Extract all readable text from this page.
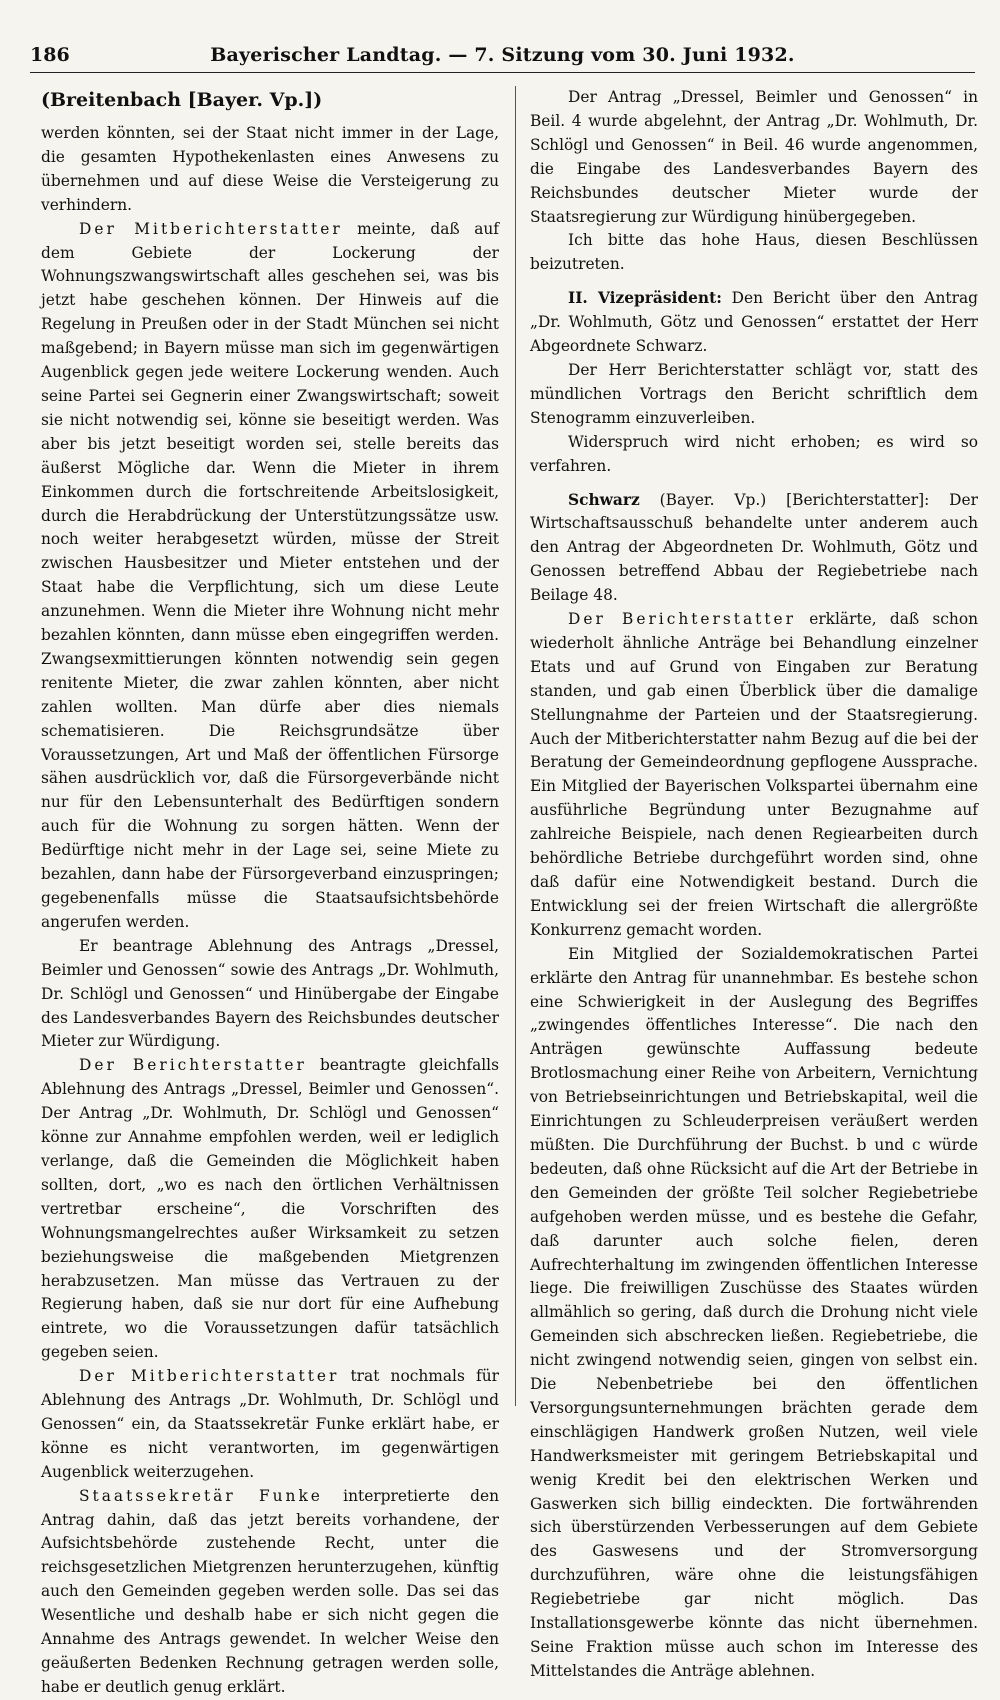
186	Bayerischer Landtag. — 7. Sitzung vom 30. Juni 1932.

(Breitenbach [Bayer. Vp.])

werden könnten, sei der Staat nicht immer in der Lage, die gesamten Hypothekenlasten eines Anwesens zu übernehmen und auf diese Weise die Versteigerung zu verhindern.

Der Mitberichterstatter meinte, daß auf dem Gebiete der Lockerung der Wohnungszwangswirtschaft alles geschehen sei, was bis jetzt habe geschehen können. Der Hinweis auf die Regelung in Preußen oder in der Stadt München sei nicht maßgebend; in Bayern müsse man sich im gegenwärtigen Augenblick gegen jede weitere Lockerung wenden. Auch seine Partei sei Gegnerin einer Zwangswirtschaft; soweit sie nicht notwendig sei, könne sie beseitigt werden. Was aber bis jetzt beseitigt worden sei, stelle bereits das äußerst Mögliche dar. Wenn die Mieter in ihrem Einkommen durch die fortschreitende Arbeitslosigkeit, durch die Herabdrückung der Unterstützungssätze usw. noch weiter herabgesetzt würden, müsse der Streit zwischen Hausbesitzer und Mieter entstehen und der Staat habe die Verpflichtung, sich um diese Leute anzunehmen. Wenn die Mieter ihre Wohnung nicht mehr bezahlen könnten, dann müsse eben eingegriffen werden. Zwangsexmittierungen könnten notwendig sein gegen renitente Mieter, die zwar zahlen könnten, aber nicht zahlen wollten. Man dürfe aber dies niemals schematisieren. Die Reichsgrundsätze über Voraussetzungen, Art und Maß der öffentlichen Fürsorge sähen ausdrücklich vor, daß die Fürsorgeverbände nicht nur für den Lebensunterhalt des Bedürftigen sondern auch für die Wohnung zu sorgen hätten. Wenn der Bedürftige nicht mehr in der Lage sei, seine Miete zu bezahlen, dann habe der Fürsorgeverband einzuspringen; gegebenenfalls müsse die Staatsaufsichtsbehörde angerufen werden.

Er beantrage Ablehnung des Antrags „Dressel, Beimler und Genossen“ sowie des Antrags „Dr. Wohlmuth, Dr. Schlögl und Genossen“ und Hinübergabe der Eingabe des Landesverbandes Bayern des Reichsbundes deutscher Mieter zur Würdigung.

Der Berichterstatter beantragte gleichfalls Ablehnung des Antrags „Dressel, Beimler und Genossen“. Der Antrag „Dr. Wohlmuth, Dr. Schlögl und Genossen“ könne zur Annahme empfohlen werden, weil er lediglich verlange, daß die Gemeinden die Möglichkeit haben sollten, dort, „wo es nach den örtlichen Verhältnissen vertretbar erscheine“, die Vorschriften des Wohnungsmangelrechtes außer Wirksamkeit zu setzen beziehungsweise die maßgebenden Mietgrenzen herabzusetzen. Man müsse das Vertrauen zu der Regierung haben, daß sie nur dort für eine Aufhebung eintrete, wo die Voraussetzungen dafür tatsächlich gegeben seien.

Der Mitberichterstatter trat nochmals für Ablehnung des Antrags „Dr. Wohlmuth, Dr. Schlögl und Genossen“ ein, da Staatssekretär Funke erklärt habe, er könne es nicht verantworten, im gegenwärtigen Augenblick weiterzugehen.

Staatssekretär Funke interpretierte den Antrag dahin, daß das jetzt bereits vorhandene, der Aufsichtsbehörde zustehende Recht, unter die reichsgesetzlichen Mietgrenzen herunterzugehen, künftig auch den Gemeinden gegeben werden solle. Das sei das Wesentliche und deshalb habe er sich nicht gegen die Annahme des Antrags gewendet. In welcher Weise den geäußerten Bedenken Rechnung getragen werden solle, habe er deutlich genug erklärt.

Der Antrag „Dressel, Beimler und Genossen“ in Beil. 4 wurde abgelehnt, der Antrag „Dr. Wohlmuth, Dr. Schlögl und Genossen“ in Beil. 46 wurde angenommen, die Eingabe des Landesverbandes Bayern des Reichsbundes deutscher Mieter wurde der Staatsregierung zur Würdigung hinübergegeben.

Ich bitte das hohe Haus, diesen Beschlüssen beizutreten.

II. Vizepräsident: Den Bericht über den Antrag „Dr. Wohlmuth, Götz und Genossen“ erstattet der Herr Abgeordnete Schwarz.

Der Herr Berichterstatter schlägt vor, statt des mündlichen Vortrags den Bericht schriftlich dem Stenogramm einzuverleiben.

Widerspruch wird nicht erhoben; es wird so verfahren.

Schwarz (Bayer. Vp.) [Berichterstatter]: Der Wirtschaftsausschuß behandelte unter anderem auch den Antrag der Abgeordneten Dr. Wohlmuth, Götz und Genossen betreffend Abbau der Regiebetriebe nach Beilage 48.

Der Berichterstatter erklärte, daß schon wiederholt ähnliche Anträge bei Behandlung einzelner Etats und auf Grund von Eingaben zur Beratung standen, und gab einen Überblick über die damalige Stellungnahme der Parteien und der Staatsregierung. Auch der Mitberichterstatter nahm Bezug auf die bei der Beratung der Gemeindeordnung gepflogene Aussprache. Ein Mitglied der Bayerischen Volkspartei übernahm eine ausführliche Begründung unter Bezugnahme auf zahlreiche Beispiele, nach denen Regiearbeiten durch behördliche Betriebe durchgeführt worden sind, ohne daß dafür eine Notwendigkeit bestand. Durch die Entwicklung sei der freien Wirtschaft die allergrößte Konkurrenz gemacht worden.

Ein Mitglied der Sozialdemokratischen Partei erklärte den Antrag für unannehmbar. Es bestehe schon eine Schwierigkeit in der Auslegung des Begriffes „zwingendes öffentliches Interesse“. Die nach den Anträgen gewünschte Auffassung bedeute Brotlosmachung einer Reihe von Arbeitern, Vernichtung von Betriebseinrichtungen und Betriebskapital, weil die Einrichtungen zu Schleuderpreisen veräußert werden müßten. Die Durchführung der Buchst. b und c würde bedeuten, daß ohne Rücksicht auf die Art der Betriebe in den Gemeinden der größte Teil solcher Regiebetriebe aufgehoben werden müsse, und es bestehe die Gefahr, daß darunter auch solche fielen, deren Aufrechterhaltung im zwingenden öffentlichen Interesse liege. Die freiwilligen Zuschüsse des Staates würden allmählich so gering, daß durch die Drohung nicht viele Gemeinden sich abschrecken ließen. Regiebetriebe, die nicht zwingend notwendig seien, gingen von selbst ein. Die Nebenbetriebe bei den öffentlichen Versorgungsunternehmungen brächten gerade dem einschlägigen Handwerk großen Nutzen, weil viele Handwerksmeister mit geringem Betriebskapital und wenig Kredit bei den elektrischen Werken und Gaswerken sich billig eindeckten. Die fortwährenden sich überstürzenden Verbesserungen auf dem Gebiete des Gaswesens und der Stromversorgung durchzuführen, wäre ohne die leistungsfähigen Regiebetriebe gar nicht möglich. Das Installationsgewerbe könnte das nicht übernehmen. Seine Fraktion müsse auch schon im Interesse des Mittelstandes die Anträge ablehnen.
